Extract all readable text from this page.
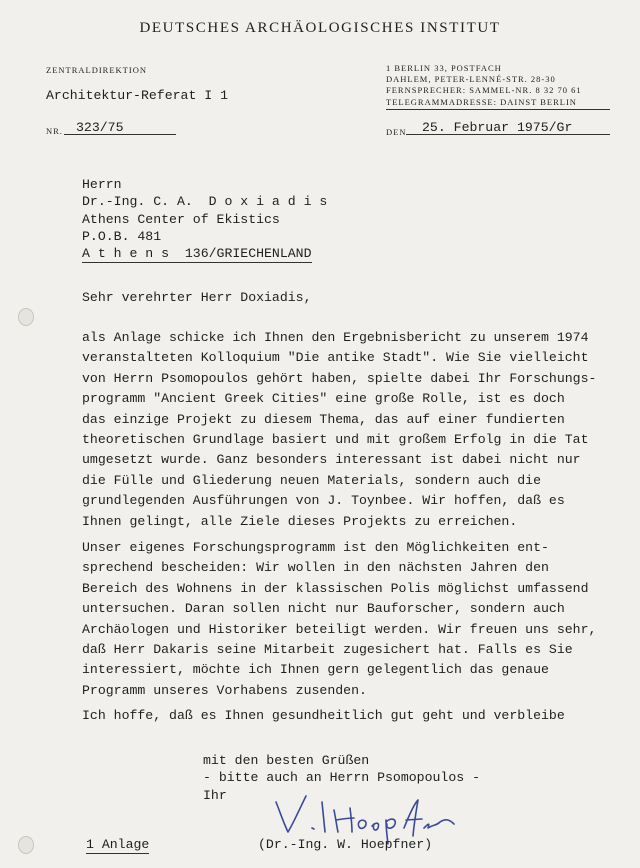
DEUTSCHES ARCHÄOLOGISCHES INSTITUT
ZENTRALDIREKTION
Architektur-Referat I 1
NR. 323/75
1 BERLIN 33, POSTFACH
DAHLEM, PETER-LENNÉ-STR. 28-30
FERNSPRECHER: SAMMEL-NR. 8 32 70 61
TELEGRAMMADRESSE: DAINST BERLIN
DEN 25. Februar 1975/Gr
Herrn
Dr.-Ing. C. A.  D o x i a d i s
Athens Center of Ekistics
P.O.B. 481
A t h e n s  136/GRIECHENLAND
Sehr verehrter Herr Doxiadis,
als Anlage schicke ich Ihnen den Ergebnisbericht zu unserem 1974
veranstalteten Kolloquium "Die antike Stadt". Wie Sie vielleicht
von Herrn Psomopoulos gehört haben, spielte dabei Ihr Forschungs-
programm "Ancient Greek Cities" eine große Rolle, ist es doch
das einzige Projekt zu diesem Thema, das auf einer fundierten
theoretischen Grundlage basiert und mit großem Erfolg in die Tat
umgesetzt wurde. Ganz besonders interessant ist dabei nicht nur
die Fülle und Gliederung neuen Materials, sondern auch die
grundlegenden Ausführungen von J. Toynbee. Wir hoffen, daß es
Ihnen gelingt, alle Ziele dieses Projekts zu erreichen.
Unser eigenes Forschungsprogramm ist den Möglichkeiten ent-
sprechend bescheiden: Wir wollen in den nächsten Jahren den
Bereich des Wohnens in der klassischen Polis möglichst umfassend
untersuchen. Daran sollen nicht nur Bauforscher, sondern auch
Archäologen und Historiker beteiligt werden. Wir freuen uns sehr,
daß Herr Dakaris seine Mitarbeit zugesichert hat. Falls es Sie
interessiert, möchte ich Ihnen gern gelegentlich das genaue
Programm unseres Vorhabens zusenden.
Ich hoffe, daß es Ihnen gesundheitlich gut geht und verbleibe
mit den besten Grüßen
- bitte auch an Herrn Psomopoulos -
Ihr
(Dr.-Ing. W. Hoepfner)
1 Anlage
